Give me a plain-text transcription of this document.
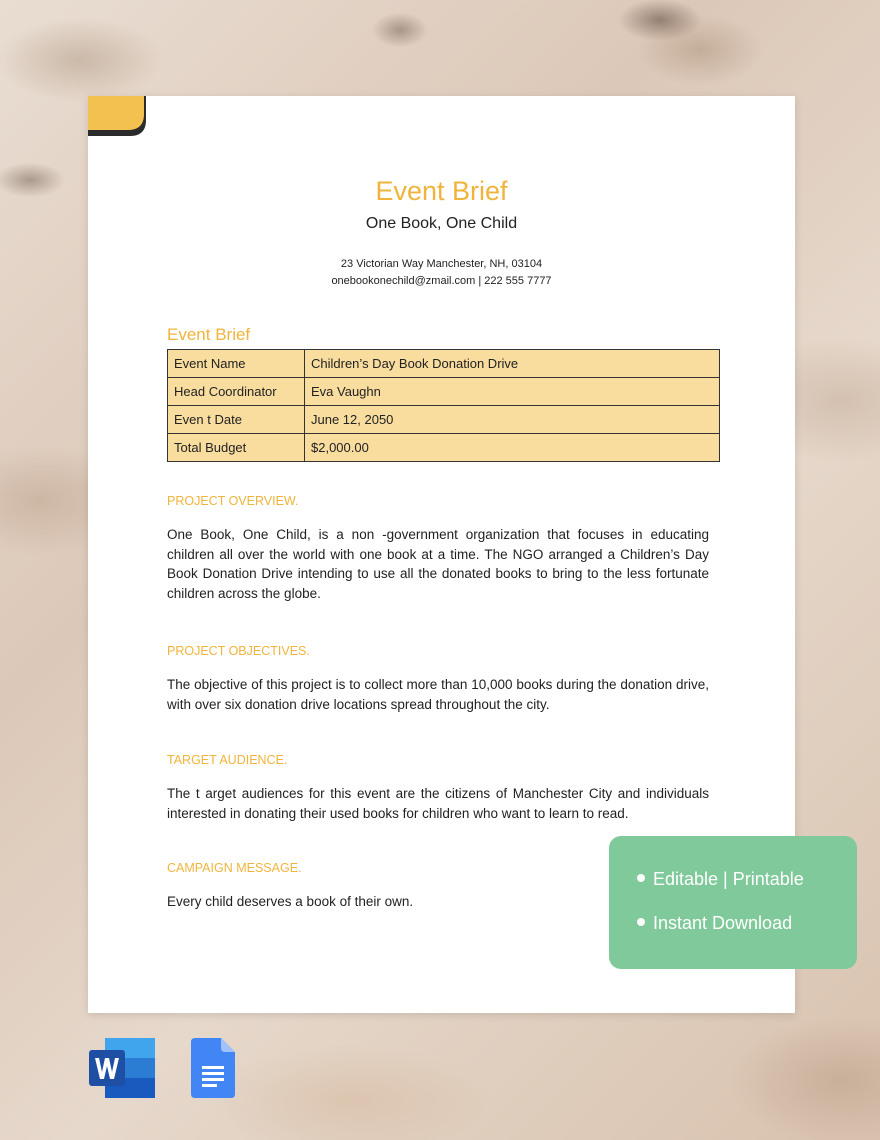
Event Brief
One Book, One Child
23 Victorian Way Manchester, NH, 03104
onebookonechild@zmail.com | 222 555 7777
Event Brief
Event Name	Children’s Day Book Donation Drive
Head Coordinator	Eva Vaughn
Even t Date	June 12, 2050
Total Budget	$2,000.00
PROJECT OVERVIEW.
One Book, One Child, is a non -government organization that focuses in educating children all over the world with one book at a time. The NGO arranged a Children’s Day Book Donation Drive intending to use all the donated books to bring to the less fortunate children across the globe.
PROJECT OBJECTIVES.
The objective of this project is to collect more than 10,000 books during the donation drive, with over six donation drive locations spread throughout the city.
TARGET AUDIENCE.
The t arget audiences for this event are the citizens of Manchester City and individuals interested in donating their used books for children who want to learn to read.
CAMPAIGN MESSAGE.
Every child deserves a book of their own.
Editable | Printable
Instant Download
